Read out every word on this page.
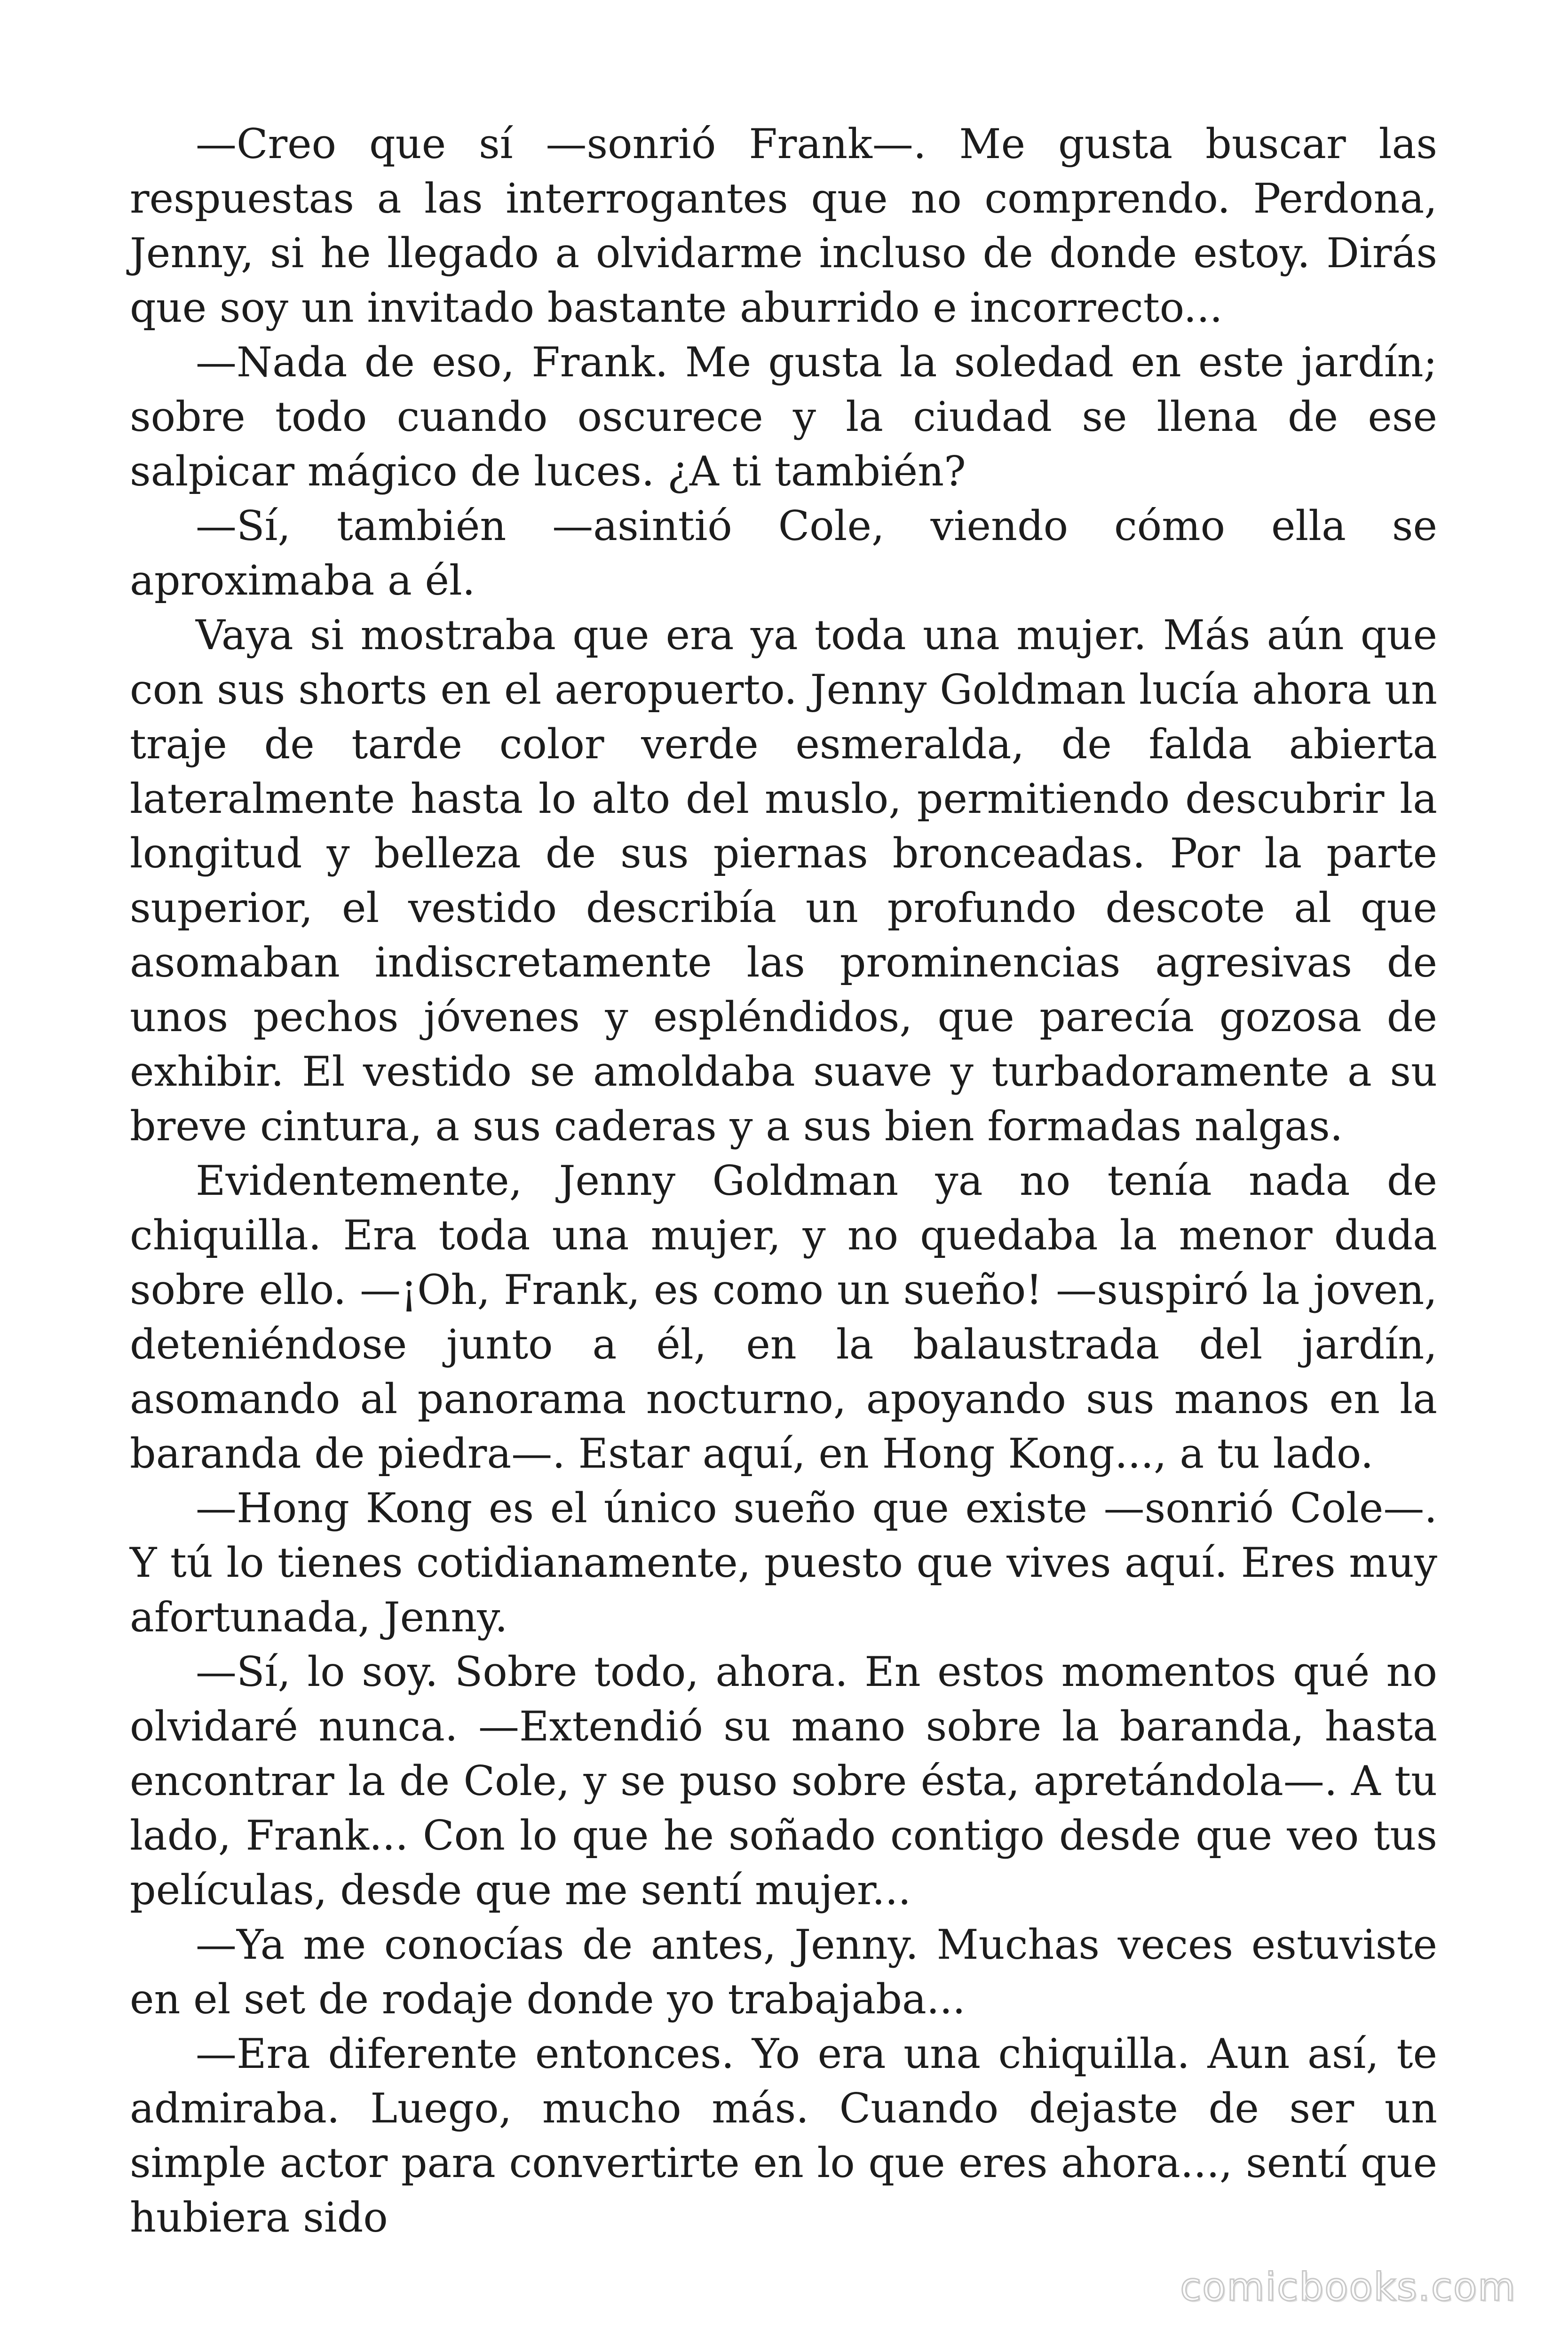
—Creo que sí —sonrió Frank—. Me gusta buscar las respuestas a las interrogantes que no comprendo. Perdona, Jenny, si he llegado a olvidarme incluso de donde estoy. Dirás que soy un invitado bastante aburrido e incorrecto...

—Nada de eso, Frank. Me gusta la soledad en este jardín; sobre todo cuando oscurece y la ciudad se llena de ese salpicar mágico de luces. ¿A ti también?

—Sí, también —asintió Cole, viendo cómo ella se aproximaba a él.

Vaya si mostraba que era ya toda una mujer. Más aún que con sus shorts en el aeropuerto. Jenny Goldman lucía ahora un traje de tarde color verde esmeralda, de falda abierta lateralmente hasta lo alto del muslo, permitiendo descubrir la longitud y belleza de sus piernas bronceadas. Por la parte superior, el vestido describía un profundo descote al que asomaban indiscretamente las prominencias agresivas de unos pechos jóvenes y espléndidos, que parecía gozosa de exhibir. El vestido se amoldaba suave y turbadoramente a su breve cintura, a sus caderas y a sus bien formadas nalgas.

Evidentemente, Jenny Goldman ya no tenía nada de chiquilla. Era toda una mujer, y no quedaba la menor duda sobre ello. —¡Oh, Frank, es como un sueño! —suspiró la joven, deteniéndose junto a él, en la balaustrada del jardín, asomando al panorama nocturno, apoyando sus manos en la baranda de piedra—. Estar aquí, en Hong Kong..., a tu lado.

—Hong Kong es el único sueño que existe —sonrió Cole—. Y tú lo tienes cotidianamente, puesto que vives aquí. Eres muy afortunada, Jenny.

—Sí, lo soy. Sobre todo, ahora. En estos momentos qué no olvidaré nunca. —Extendió su mano sobre la baranda, hasta encontrar la de Cole, y se puso sobre ésta, apretándola—. A tu lado, Frank... Con lo que he soñado contigo desde que veo tus películas, desde que me sentí mujer...

—Ya me conocías de antes, Jenny. Muchas veces estuviste en el set de rodaje donde yo trabajaba...

—Era diferente entonces. Yo era una chiquilla. Aun así, te admiraba. Luego, mucho más. Cuando dejaste de ser un simple actor para convertirte en lo que eres ahora..., sentí que hubiera sido

comicbooks.com
